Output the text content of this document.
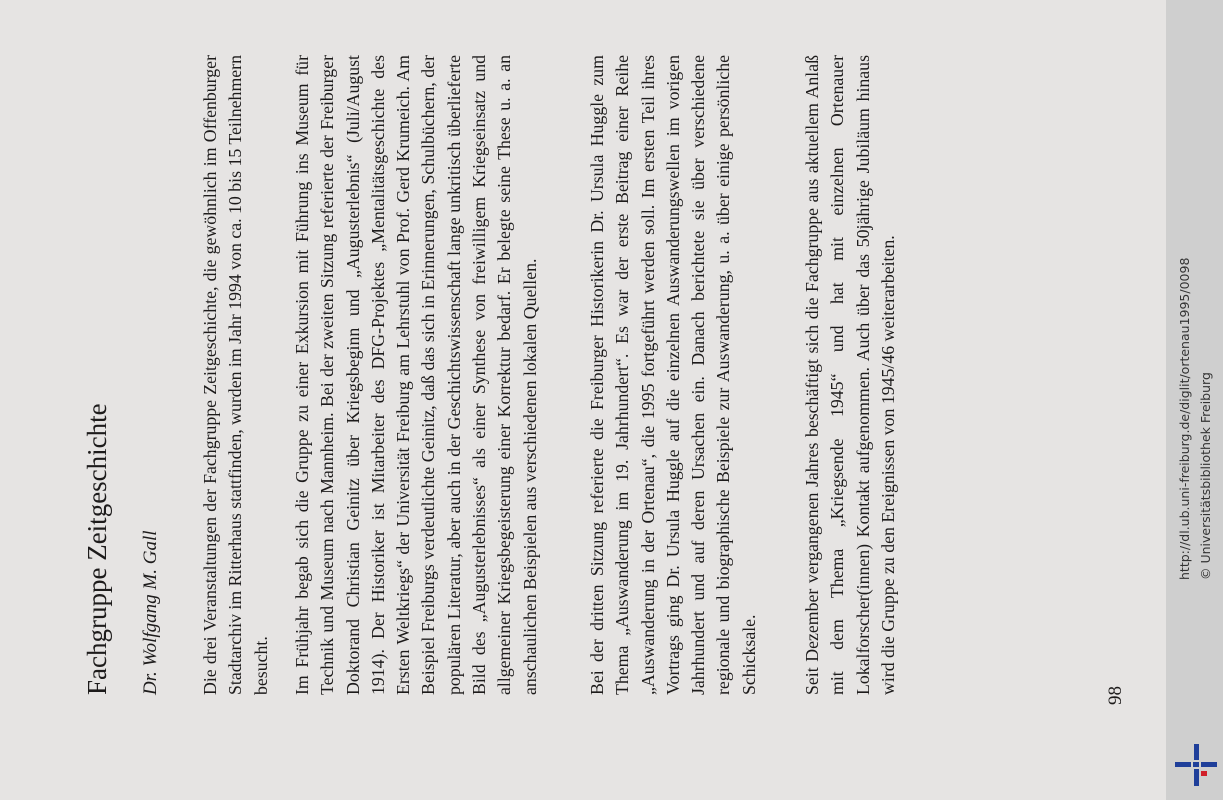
Fachgruppe Zeitgeschichte Dr. Wolfgang M. Gall Die drei Veranstaltungen der Fachgruppe Zeitgeschichte, die gewöhnlich im Offenburger Stadtarchiv im Ritterhaus stattfinden, wurden im Jahr 1994 von ca. 10 bis 15 Teilnehmern besucht. Im Frühjahr begab sich die Gruppe zu einer Exkursion mit Führung ins Museum für Technik und Museum nach Mannheim. Bei der zweiten Sitzung referierte der Freiburger Doktorand Christian Geinitz über Kriegsbeginn und „Augusterlebnis“ (Juli/August 1914). Der Historiker ist Mitarbeiter des DFG-Projektes „Mentalitätsgeschichte des Ersten Weltkriegs“ der Universität Freiburg am Lehrstuhl von Prof. Gerd Krumeich. Am Beispiel Freiburgs verdeutlichte Geinitz, daß das sich in Erinnerungen, Schulbüchern, der populären Literatur, aber auch in der Geschichtswissenschaft lange unkritisch überlieferte Bild des „Augusterlebnisses“ als einer Synthese von freiwilligem Kriegseinsatz und allgemeiner Kriegsbegeisterung einer Korrektur bedarf. Er belegte seine These u. a. an anschaulichen Beispielen aus verschiedenen lokalen Quellen.	Bei der dritten Sitzung referierte die Freiburger Historikerin Dr. Ursula Huggle zum Thema „Auswanderung im 19. Jahrhundert“. Es war der erste Beitrag einer Reihe „Auswanderung in der Ortenau“, die 1995 fortgeführt werden soll. Im ersten Teil ihres Vortrags ging Dr. Ursula Huggle auf die einzelnen Auswanderungswellen im vorigen Jahrhundert und auf deren Ursachen ein. Danach berichtete sie über verschiedene regionale und biographische Beispiele zur Auswanderung, u. a. über einige persönliche Schicksale. Seit Dezember vergangenen Jahres beschäftigt sich die Fachgruppe aus aktuellem Anlaß mit dem Thema „Kriegsende 1945“ und hat mit einzelnen Ortenauer Lokalforscher(innen) Kontakt aufgenommen. Auch über das 50jährige Jubiläum hinaus wird die Gruppe zu den Ereignissen von 1945/46 weiterarbeiten.

98
http://dl.ub.uni-freiburg.de/diglit/ortenau1995/0098 © Universitätsbibliothek Freiburg
